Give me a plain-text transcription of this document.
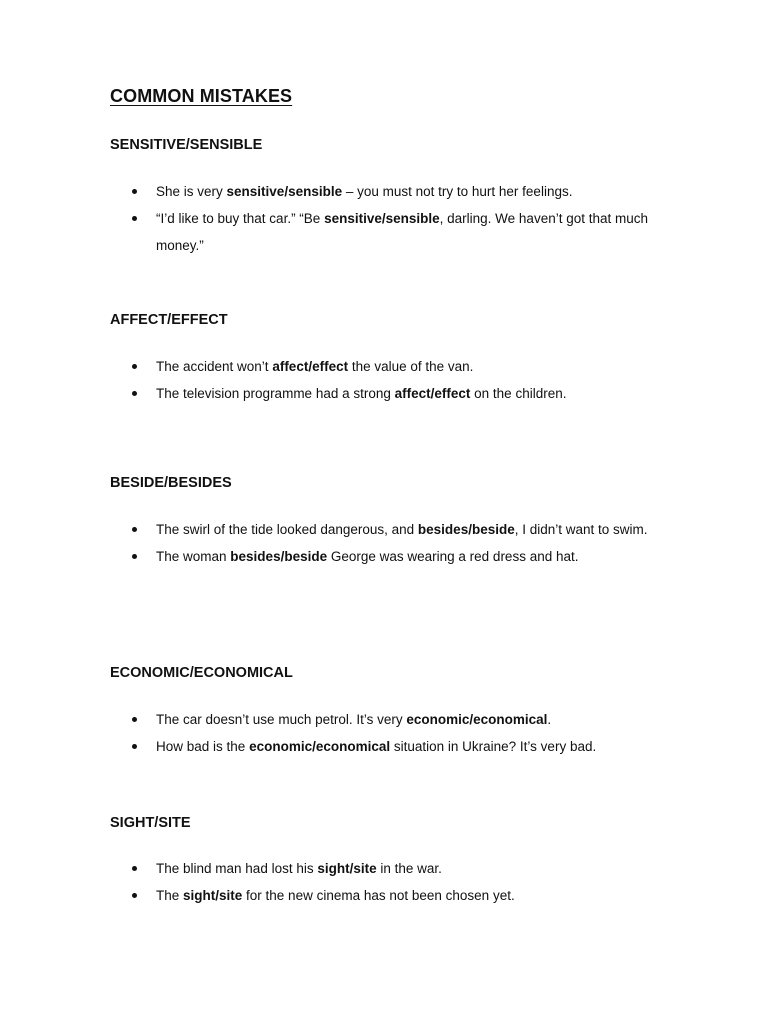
COMMON MISTAKES
SENSITIVE/SENSIBLE
She is very sensitive/sensible – you must not try to hurt her feelings.
“I’d like to buy that car.” “Be sensitive/sensible, darling. We haven’t got that much money.”
AFFECT/EFFECT
The accident won’t affect/effect the value of the van.
The television programme had a strong affect/effect on the children.
BESIDE/BESIDES
The swirl of the tide looked dangerous, and besides/beside, I didn’t want to swim.
The woman besides/beside George was wearing a red dress and hat.
ECONOMIC/ECONOMICAL
The car doesn’t use much petrol. It’s very economic/economical.
How bad is the economic/economical situation in Ukraine? It’s very bad.
SIGHT/SITE
The blind man had lost his sight/site in the war.
The sight/site for the new cinema has not been chosen yet.
